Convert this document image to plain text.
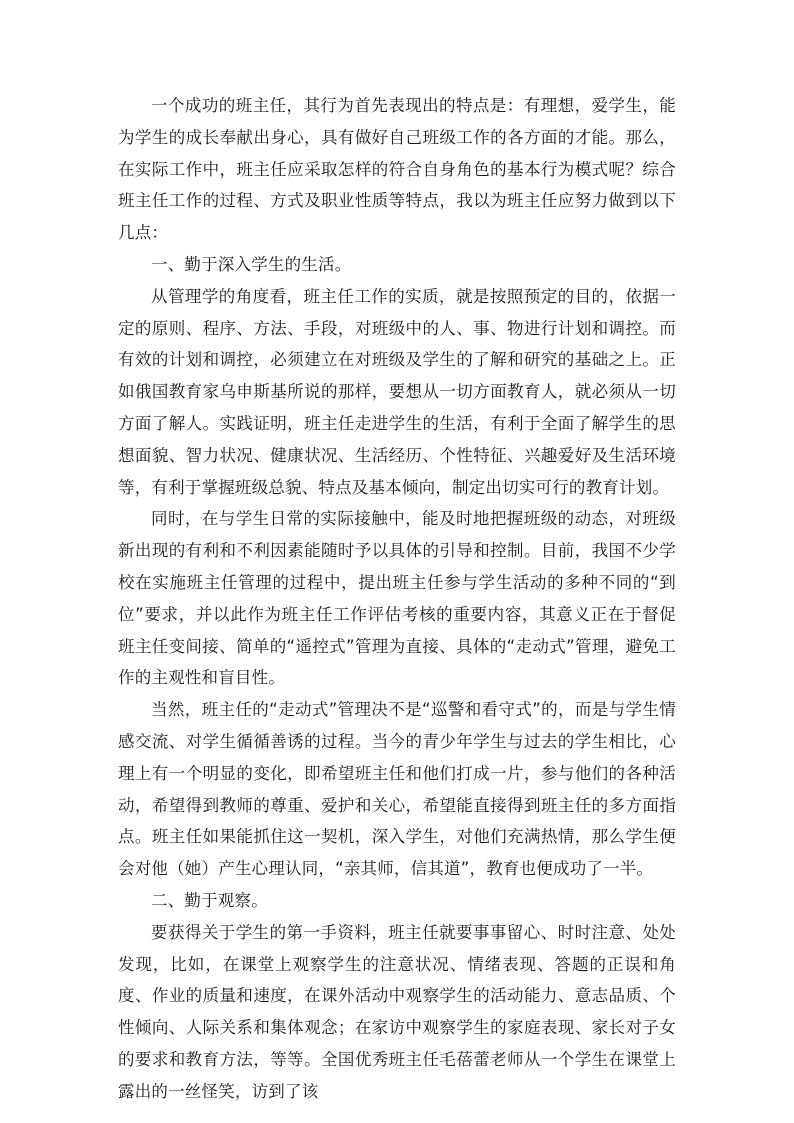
一个成功的班主任，其行为首先表现出的特点是：有理想，爱学生，能为学生的成长奉献出身心，具有做好自己班级工作的各方面的才能。那么，在实际工作中，班主任应采取怎样的符合自身角色的基本行为模式呢？综合班主任工作的过程、方式及职业性质等特点，我以为班主任应努力做到以下几点：

一、勤于深入学生的生活。

从管理学的角度看，班主任工作的实质，就是按照预定的目的，依据一定的原则、程序、方法、手段，对班级中的人、事、物进行计划和调控。而有效的计划和调控，必须建立在对班级及学生的了解和研究的基础之上。正如俄国教育家乌申斯基所说的那样，要想从一切方面教育人，就必须从一切方面了解人。实践证明，班主任走进学生的生活，有利于全面了解学生的思想面貌、智力状况、健康状况、生活经历、个性特征、兴趣爱好及生活环境等，有利于掌握班级总貌、特点及基本倾向，制定出切实可行的教育计划。

同时，在与学生日常的实际接触中，能及时地把握班级的动态，对班级新出现的有利和不利因素能随时予以具体的引导和控制。目前，我国不少学校在实施班主任管理的过程中，提出班主任参与学生活动的多种不同的“到位”要求，并以此作为班主任工作评估考核的重要内容，其意义正在于督促班主任变间接、简单的“遥控式”管理为直接、具体的“走动式”管理，避免工作的主观性和盲目性。

当然，班主任的“走动式”管理决不是“巡警和看守式”的，而是与学生情感交流、对学生循循善诱的过程。当今的青少年学生与过去的学生相比，心理上有一个明显的变化，即希望班主任和他们打成一片，参与他们的各种活动，希望得到教师的尊重、爱护和关心，希望能直接得到班主任的多方面指点。班主任如果能抓住这一契机，深入学生，对他们充满热情，那么学生便会对他（她）产生心理认同，“亲其师，信其道”，教育也便成功了一半。

二、勤于观察。

要获得关于学生的第一手资料，班主任就要事事留心、时时注意、处处发现，比如，在课堂上观察学生的注意状况、情绪表现、答题的正误和角度、作业的质量和速度，在课外活动中观察学生的活动能力、意志品质、个性倾向、人际关系和集体观念；在家访中观察学生的家庭表现、家长对子女的要求和教育方法，等等。全国优秀班主任毛蓓蕾老师从一个学生在课堂上露出的一丝怪笑，访到了该
